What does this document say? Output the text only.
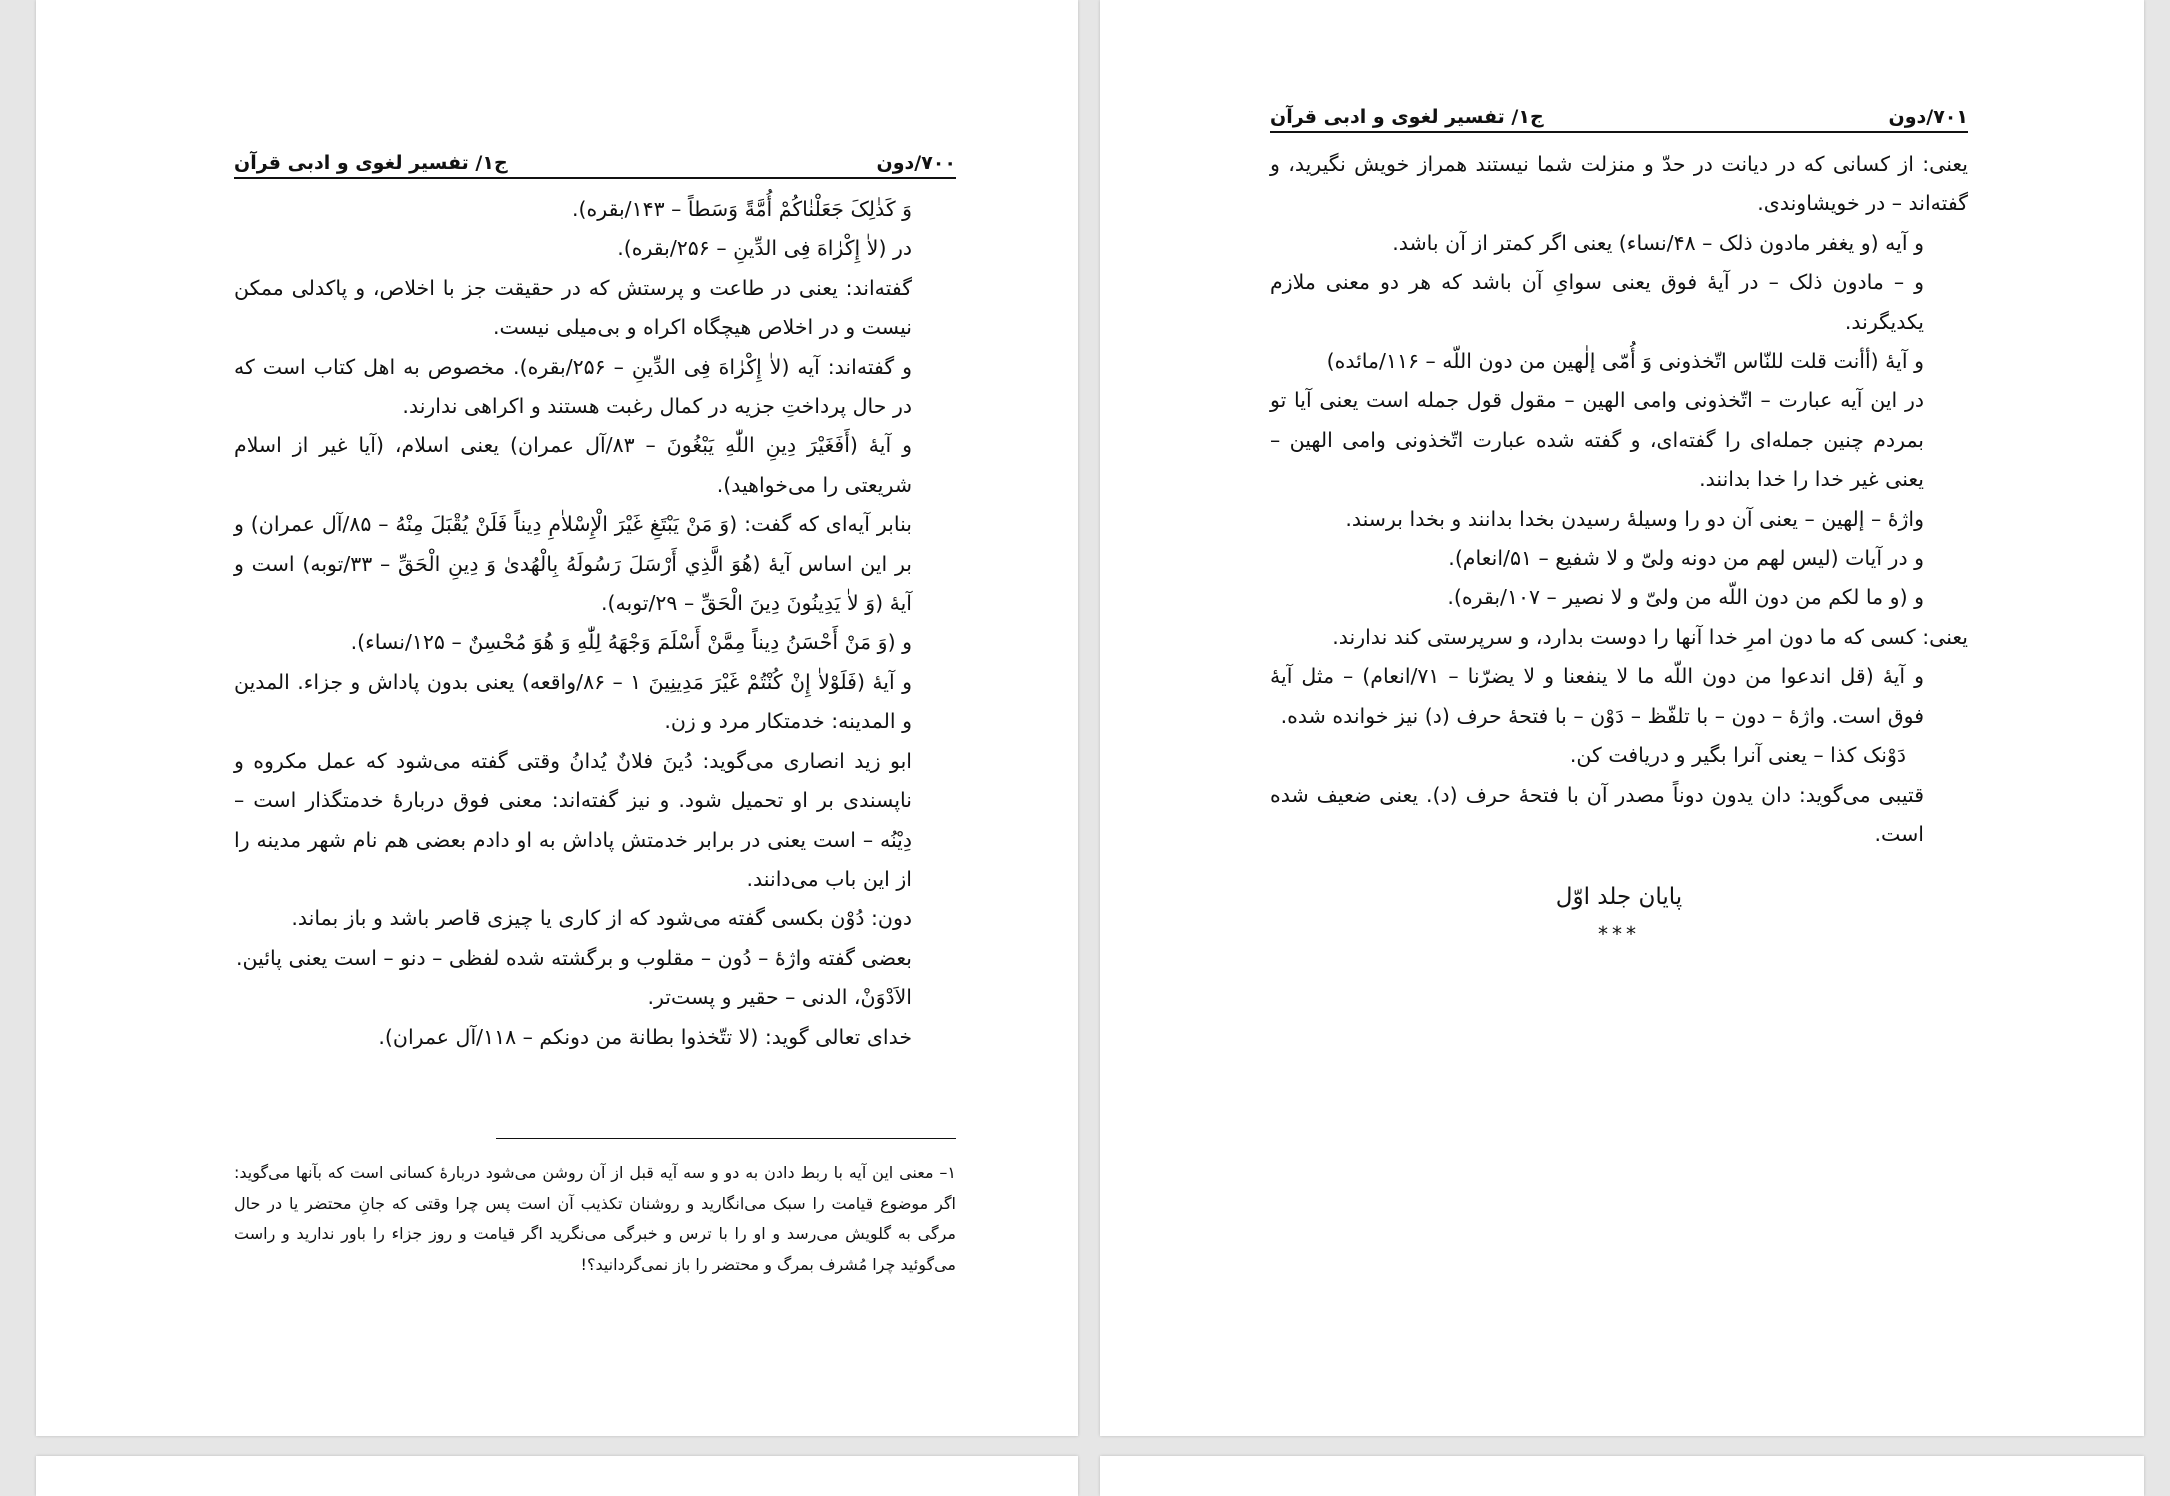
ج۱/ تفسیر لغوی و ادبی قرآن	۷۰۰/دون

وَ کَذٰلِکَ جَعَلْنٰاکُمْ أُمَّةً وَسَطاً – ۱۴۳/بقره).

در (لاٰ إِکْرٰاهَ فِی الدِّینِ – ۲۵۶/بقره).

گفته‌اند: یعنی در طاعت و پرستش که در حقیقت جز با اخلاص، و پاکدلی ممکن نیست و در اخلاص هیچگاه اکراه و بی‌میلی نیست.

و گفته‌اند: آیه (لاٰ إِکْرٰاهَ فِی الدِّینِ – ۲۵۶/بقره). مخصوص به اهل کتاب است که در حال پرداختِ جزیه در کمال رغبت هستند و اکراهی ندارند.

و آیهٔ (أَفَغَیْرَ دِینِ اللّٰهِ یَبْغُونَ – ۸۳/آل عمران) یعنی اسلام، (آیا غیر از اسلام شریعتی را می‌خواهید).

بنابر آیه‌ای که گفت: (وَ مَنْ یَبْتَغِ غَیْرَ الْإِسْلاٰمِ دِیناً فَلَنْ یُقْبَلَ مِنْهُ – ۸۵/آل عمران) و بر این اساس آیهٔ (هُوَ الَّذِي أَرْسَلَ رَسُولَهُ بِالْهُدیٰ وَ دِینِ الْحَقِّ – ۳۳/توبه) است و آیهٔ (وَ لاٰ یَدِینُونَ دِینَ الْحَقِّ – ۲۹/توبه).

و (وَ مَنْ أَحْسَنُ دِیناً مِمَّنْ أَسْلَمَ وَجْهَهُ لِلّٰهِ وَ هُوَ مُحْسِنٌ – ۱۲۵/نساء).

و آیهٔ (فَلَوْلاٰ إِنْ کُنْتُمْ غَیْرَ مَدِینِینَ ۱ – ۸۶/واقعه) یعنی بدون پاداش و جزاء. المدین و المدینه: خدمتکار مرد و زن.

ابو زید انصاری می‌گوید: دُینَ فلانٌ یُدانُ وقتی گفته می‌شود که عمل مکروه و ناپسندی بر او تحمیل شود. و نیز گفته‌اند: معنی فوق دربارهٔ خدمتگذار است – دِیْنُه – است یعنی در برابر خدمتش پاداش به او دادم بعضی هم نام شهر مدینه را از این باب می‌دانند.

دون: دُوْن بکسی گفته می‌شود که از کاری یا چیزی قاصر باشد و باز بماند.

بعضی گفته واژهٔ – دُون – مقلوب و برگشته شده لفظی – دنو – است یعنی پائین.

الاَدْوَنْ، الدنی – حقیر و پست‌تر.

خدای تعالی گوید: (لا تتّخذوا بطانة من دونکم – ۱۱۸/آل عمران).

۱– معنی این آیه با ربط دادن به دو و سه آیه قبل از آن روشن می‌شود دربارهٔ کسانی است که بآنها می‌گوید: اگر موضوع قیامت را سبک می‌انگارید و روشنان تکذیب آن است پس چرا وقتی که جانِ محتضر یا در حال مرگی به گلویش می‌رسد و او را با ترس و خبرگی می‌نگرید اگر قیامت و روز جزاء را باور ندارید و راست می‌گوئید چرا مُشرف بمرگ و محتضر را باز نمی‌گردانید؟!
ج۱/ تفسیر لغوی و ادبی قرآن	۷۰۱/دون

یعنی: از کسانی که در دیانت در حدّ و منزلت شما نیستند همراز خویش نگیرید، و گفته‌اند – در خویشاوندی.

و آیه (و یغفر مادون ذلک – ۴۸/نساء) یعنی اگر کمتر از آن باشد.

و – مادون ذلک – در آیهٔ فوق یعنی سوایِ آن باشد که هر دو معنی ملازم یکدیگرند.

و آیهٔ (أأنت قلت للنّاس اتّخذونی وَ أُمّی إلٰهین من دون اللّه – ۱۱۶/مائده)

در این آیه عبارت – اتّخذونی وامی الهین – مقول قول جمله است یعنی آیا تو بمردم چنین جمله‌ای را گفته‌ای، و گفته شده عبارت اتّخذونی وامی الهین – یعنی غیر خدا را خدا بدانند.

واژهٔ – إلهین – یعنی آن دو را وسیلهٔ رسیدن بخدا بدانند و بخدا برسند.

و در آیات (لیس لهم من دونه ولیّ و لا شفیع – ۵۱/انعام).

و (و ما لکم من دون اللّه من ولیّ و لا نصیر – ۱۰۷/بقره).

یعنی: کسی که ما دون امرِ خدا آنها را دوست بدارد، و سرپرستی کند ندارند.

و آیهٔ (قل اندعوا من دون اللّه ما لا ینفعنا و لا یضرّنا – ۷۱/انعام) – مثل آیهٔ فوق است. واژهٔ – دون – با تلفّظ – دَوْن – با فتحهٔ حرف (د) نیز خوانده شده.

دَوْنک کذا – یعنی آنرا بگیر و دریافت کن.

قتیبی می‌گوید: دان یدون دوناً مصدر آن با فتحهٔ حرف (د). یعنی ضعیف شده است.

پایان جلد اوّل
***
